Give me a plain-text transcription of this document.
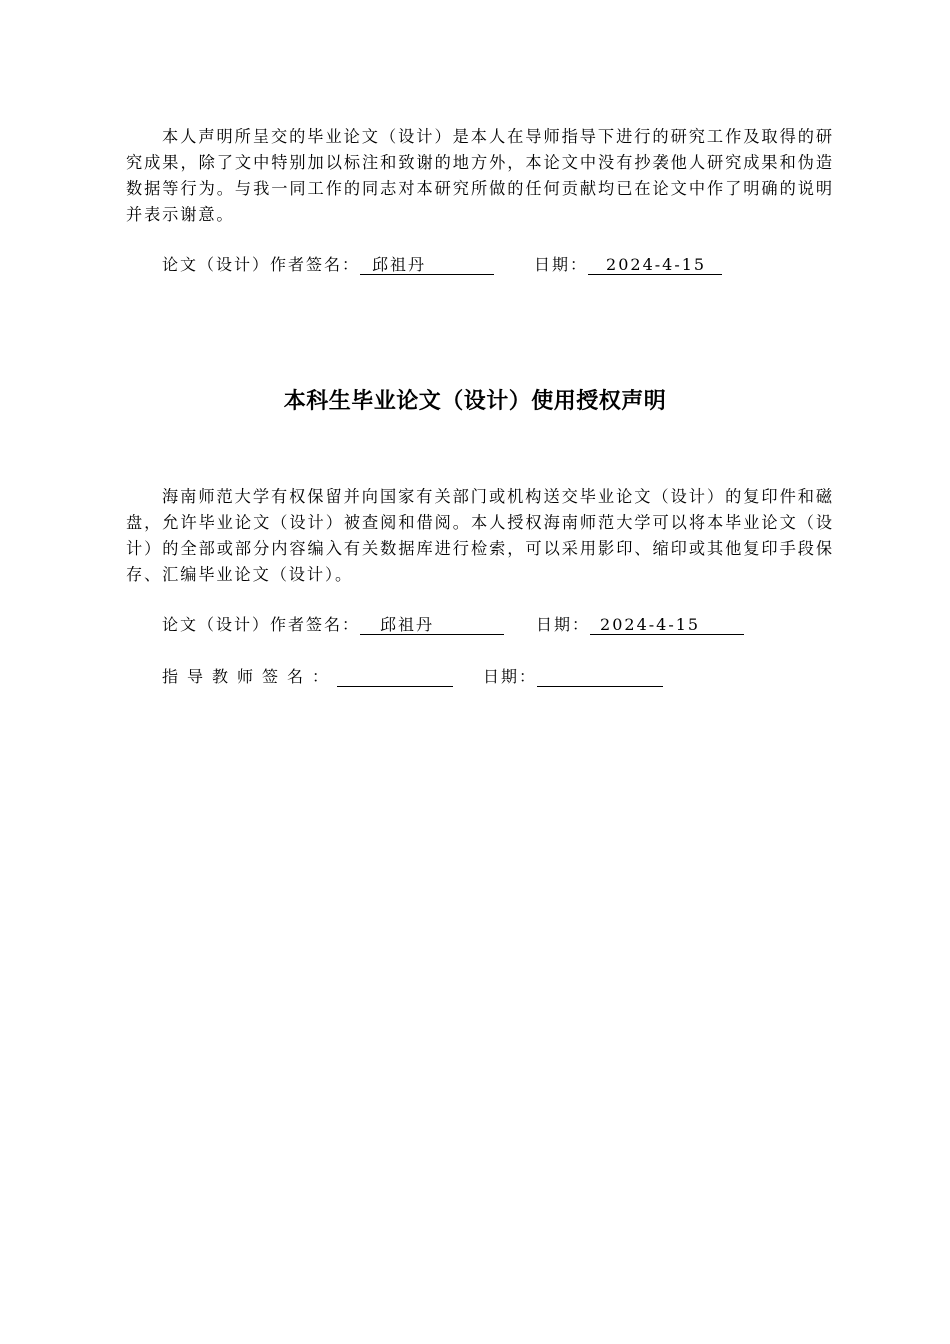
本人声明所呈交的毕业论文（设计）是本人在导师指导下进行的研究工作及取得的研究成果，除了文中特别加以标注和致谢的地方外，本论文中没有抄袭他人研究成果和伪造数据等行为。与我一同工作的同志对本研究所做的任何贡献均已在论文中作了明确的说明并表示谢意。

论文（设计）作者签名： 邱祖丹	日期： 2024-4-15
本科生毕业论文（设计）使用授权声明

海南师范大学有权保留并向国家有关部门或机构送交毕业论文（设计）的复印件和磁盘，允许毕业论文（设计）被查阅和借阅。本人授权海南师范大学可以将本毕业论文（设计）的全部或部分内容编入有关数据库进行检索，可以采用影印、缩印或其他复印手段保存、汇编毕业论文（设计）。

论文（设计）作者签名： 邱祖丹	日期： 2024-4-15
指导教师签名：	日期：
